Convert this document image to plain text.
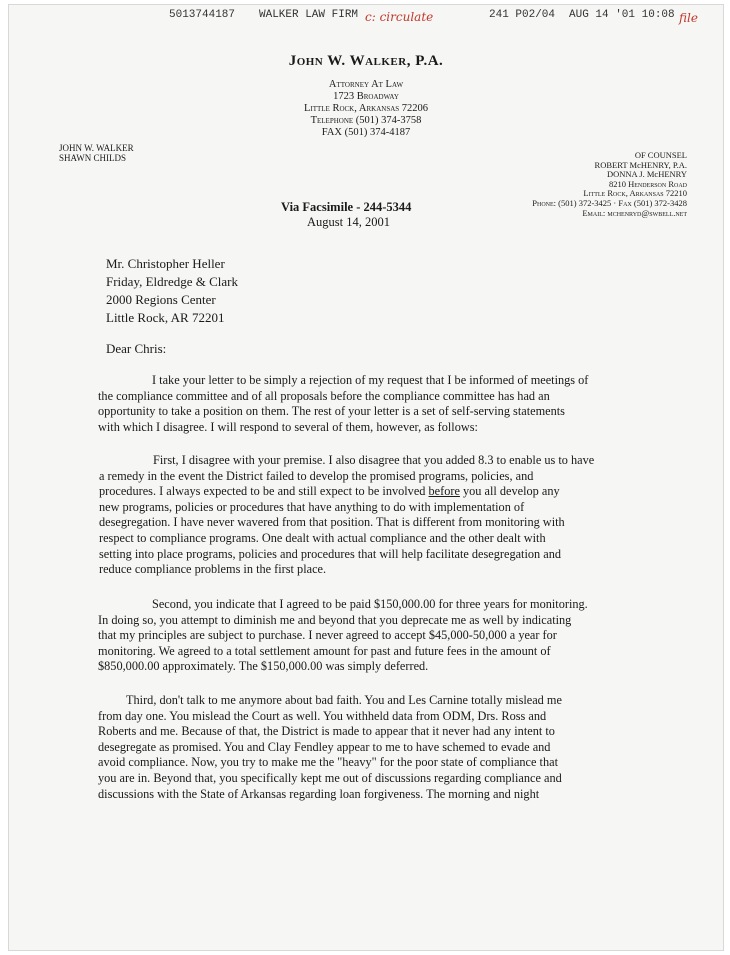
5013744187 WALKER LAW FIRM c: circulate	241 P02/04 AUG 14 '01 10:08 file
John W. Walker, P.A.
Attorney At Law
1723 Broadway
Little Rock, Arkansas 72206
Telephone (501) 374-3758
FAX (501) 374-4187
JOHN W. WALKER
SHAWN CHILDS	OF COUNSEL
ROBERT McHENRY, P.A.
DONNA J. McHENRY
8210 Henderson Road
Little Rock, Arkansas 72210
Phone: (501) 372-3425 · Fax (501) 372-3428
Email: mchenryd@swbell.net
Via Facsimile - 244-5344
August 14, 2001
Mr. Christopher Heller
Friday, Eldredge & Clark
2000 Regions Center
Little Rock, AR 72201
Dear Chris:
I take your letter to be simply a rejection of my request that I be informed of meetings of
the compliance committee and of all proposals before the compliance committee has had an
opportunity to take a position on them. The rest of your letter is a set of self-serving statements
with which I disagree. I will respond to several of them, however, as follows:
First, I disagree with your premise. I also disagree that you added 8.3 to enable us to have
a remedy in the event the District failed to develop the promised programs, policies, and
procedures. I always expected to be and still expect to be involved before you all develop any
new programs, policies or procedures that have anything to do with implementation of
desegregation. I have never wavered from that position. That is different from monitoring with
respect to compliance programs. One dealt with actual compliance and the other dealt with
setting into place programs, policies and procedures that will help facilitate desegregation and
reduce compliance problems in the first place.
Second, you indicate that I agreed to be paid $150,000.00 for three years for monitoring.
In doing so, you attempt to diminish me and beyond that you deprecate me as well by indicating
that my principles are subject to purchase. I never agreed to accept $45,000-50,000 a year for
monitoring. We agreed to a total settlement amount for past and future fees in the amount of
$850,000.00 approximately. The $150,000.00 was simply deferred.
Third, don't talk to me anymore about bad faith. You and Les Carnine totally mislead me
from day one. You mislead the Court as well. You withheld data from ODM, Drs. Ross and
Roberts and me. Because of that, the District is made to appear that it never had any intent to
desegregate as promised. You and Clay Fendley appear to me to have schemed to evade and
avoid compliance. Now, you try to make me the "heavy" for the poor state of compliance that
you are in. Beyond that, you specifically kept me out of discussions regarding compliance and
discussions with the State of Arkansas regarding loan forgiveness. The morning and night
